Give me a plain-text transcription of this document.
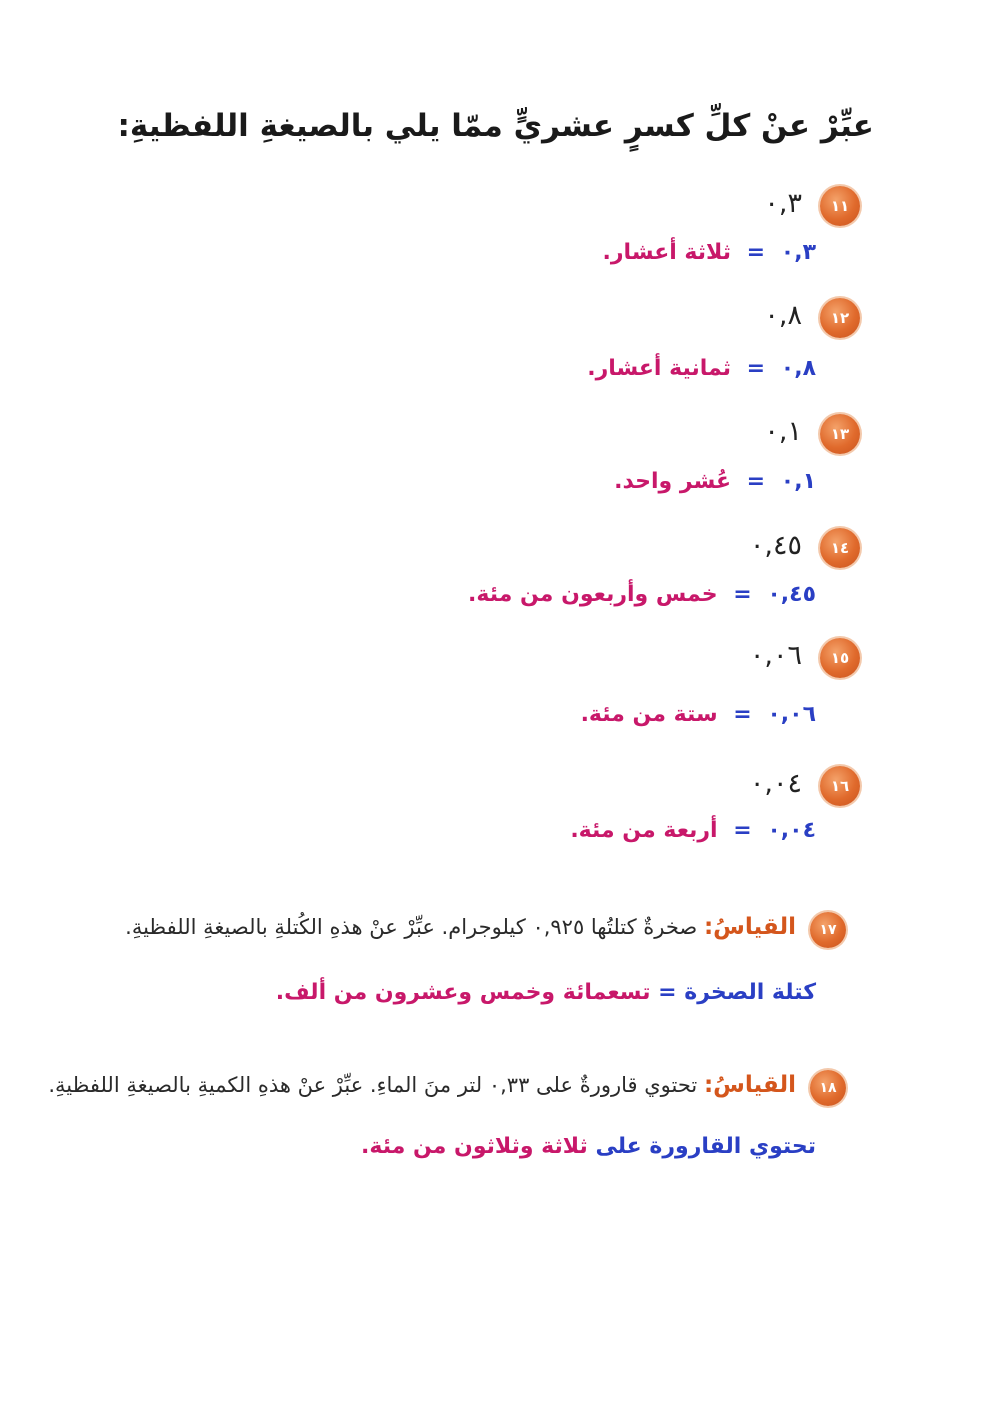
عبِّرْ عنْ كلِّ كسرٍ عشريٍّ ممّا يلي بالصيغةِ اللفظيةِ:
١١
٠,٣
٠,٣ = ثلاثة أعشار.
١٢
٠,٨
٠,٨ = ثمانية أعشار.
١٣
٠,١
٠,١ = عُشر واحد.
١٤
٠,٤٥
٠,٤٥ = خمس وأربعون من مئة.
١٥
٠,٠٦
٠,٠٦ = ستة من مئة.
١٦
٠,٠٤
٠,٠٤ = أربعة من مئة.
١٧
القياسُ: صخرةٌ كتلتُها ٠,٩٢٥ كيلوجرام. عبِّرْ عنْ هذهِ الكُتلةِ بالصيغةِ اللفظيةِ.
كتلة الصخرة = تسعمائة وخمس وعشرون من ألف.
١٨
القياسُ: تحتوي قارورةٌ على ٠,٣٣ لتر منَ الماءِ. عبِّرْ عنْ هذهِ الكميةِ بالصيغةِ اللفظيةِ.
تحتوي القارورة على ثلاثة وثلاثون من مئة.
